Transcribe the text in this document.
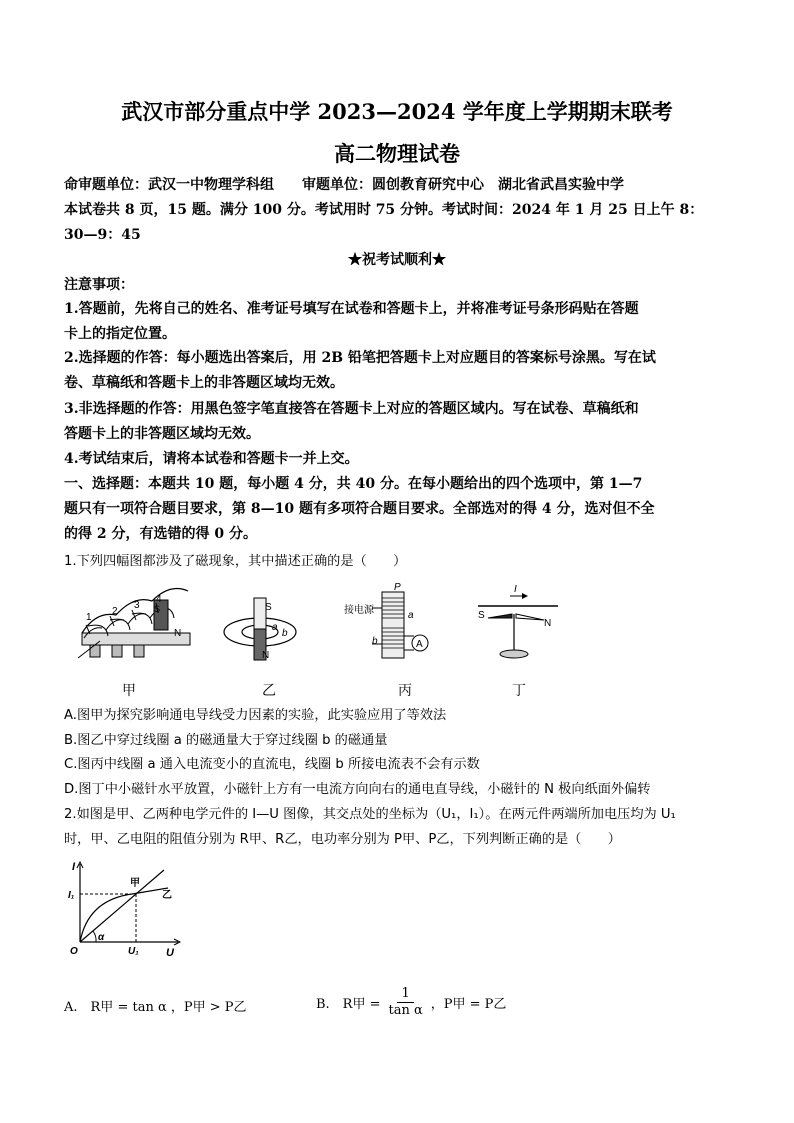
武汉市部分重点中学 2023—2024 学年度上学期期末联考
高二物理试卷
命审题单位：武汉一中物理学科组　　审题单位：圆创教育研究中心　湖北省武昌实验中学
本试卷共 8 页，15 题。满分 100 分。考试用时 75 分钟。考试时间：2024 年 1 月 25 日上午 8：
30—9：45
★祝考试顺利★
注意事项：
1.答题前，先将自己的姓名、准考证号填写在试卷和答题卡上，并将准考证号条形码贴在答题
卡上的指定位置。
2.选择题的作答：每小题选出答案后，用 2B 铅笔把答题卡上对应题目的答案标号涂黑。写在试
卷、草稿纸和答题卡上的非答题区域均无效。
3.非选择题的作答：用黑色签字笔直接答在答题卡上对应的答题区域内。写在试卷、草稿纸和
答题卡上的非答题区域均无效。
4.考试结束后，请将本试卷和答题卡一并上交。
一、选择题：本题共 10 题，每小题 4 分，共 40 分。在每小题给出的四个选项中，第 1—7
题只有一项符合题目要求，第 8—10 题有多项符合题目要求。全部选对的得 4 分，选对但不全
的得 2 分，有选错的得 0 分。
1.下列四幅图都涉及了磁现象，其中描述正确的是（　　）
1
2
3
4
S
N
S
N
a
b
P
接电源	a
b	A
I
S
N
甲	乙	丙	丁
A.图甲为探究影响通电导线受力因素的实验，此实验应用了等效法
B.图乙中穿过线圈 a 的磁通量大于穿过线圈 b 的磁通量
C.图丙中线圈 a 通入电流变小的直流电，线圈 b 所接电流表不会有示数
D.图丁中小磁针水平放置，小磁针上方有一电流方向向右的通电直导线，小磁针的 N 极向纸面外偏转
2.如图是甲、乙两种电学元件的 I—U 图像，其交点处的坐标为（U₁，I₁）。在两元件两端所加电压均为 U₁
时，甲、乙电阻的阻值分别为 R甲、R乙，电功率分别为 P甲、P乙，下列判断正确的是（　　）
I
U
I₁
U₁
O
α
甲
乙
A.　R甲 = tan α ，P甲 > P乙	B.　R甲 = $\frac{1}{\text{tan α}}$ ，P甲 = P乙
